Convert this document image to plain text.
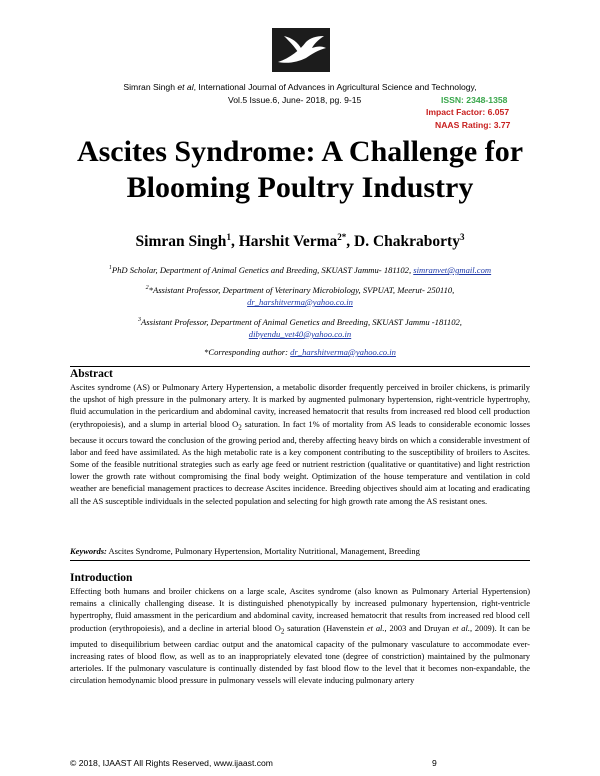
Simran Singh et al, International Journal of Advances in Agricultural Science and Technology,
Vol.5 Issue.6, June- 2018, pg. 9-15	ISSN: 2348-1358
Impact Factor: 6.057
NAAS Rating: 3.77
Ascites Syndrome: A Challenge for
Blooming Poultry Industry
Simran Singh$^1$, Harshit Verma$^{2*}$, D. Chakraborty$^3$
$^1$PhD Scholar, Department of Animal Genetics and Breeding, SKUAST Jammu- 181102, simranvet@gmail.com
$^2$*Assistant Professor, Department of Veterinary Microbiology, SVPUAT, Meerut- 250110,
dr_harshitverma@yahoo.co.in
$^3$Assistant Professor, Department of Animal Genetics and Breeding, SKUAST Jammu -181102,
dibyendu_vet40@yahoo.co.in
*Corresponding author: dr_harshitverma@yahoo.co.in
Abstract
Ascites syndrome (AS) or Pulmonary Artery Hypertension, a metabolic disorder frequently perceived in broiler chickens, is primarily the upshot of high pressure in the pulmonary artery. It is marked by augmented pulmonary hypertension, right-ventricle hypertrophy, fluid accumulation in the pericardium and abdominal cavity, increased hematocrit that results from increased red blood cell production (erythropoiesis), and a slump in arterial blood $O_2$ saturation. In fact 1% of mortality from AS leads to considerable economic losses because it occurs toward the conclusion of the growing period and, thereby affecting heavy birds on which a considerable investment of labor and feed have assimilated. As the high metabolic rate is a key component contributing to the susceptibility of broilers to Ascites. Some of the feasible nutritional strategies such as early age feed or nutrient restriction (qualitative or quantitative) and light restriction lower the growth rate without compromising the final body weight. Optimization of the house temperature and ventilation in cold weather are beneficial management practices to decrease Ascites incidence. Breeding objectives should aim at locating and eradicating all the AS susceptible individuals in the selected population and selecting for high growth rate among the AS resistant ones.
Keywords: Ascites Syndrome, Pulmonary Hypertension, Mortality Nutritional, Management, Breeding
Introduction
Effecting both humans and broiler chickens on a large scale, Ascites syndrome (also known as Pulmonary Arterial Hypertension) remains a clinically challenging disease. It is distinguished phenotypically by increased pulmonary hypertension, right-ventricle hypertrophy, fluid amassment in the pericardium and abdominal cavity, increased hematocrit that results from increased red blood cell production (erythropoiesis), and a decline in arterial blood $O_2$ saturation (Havenstein et al., 2003 and Druyan et al., 2009). It can be imputed to disequilibrium between cardiac output and the anatomical capacity of the pulmonary vasculature to accommodate ever-increasing rates of blood flow, as well as to an inappropriately elevated tone (degree of constriction) maintained by the pulmonary arterioles. If the pulmonary vasculature is continually distended by fast blood flow to the level that it becomes non-expandable, the circulation hemodynamic blood pressure in pulmonary vessels will elevate inducing pulmonary artery
© 2018, IJAAST All Rights Reserved, www.ijaast.com	9
